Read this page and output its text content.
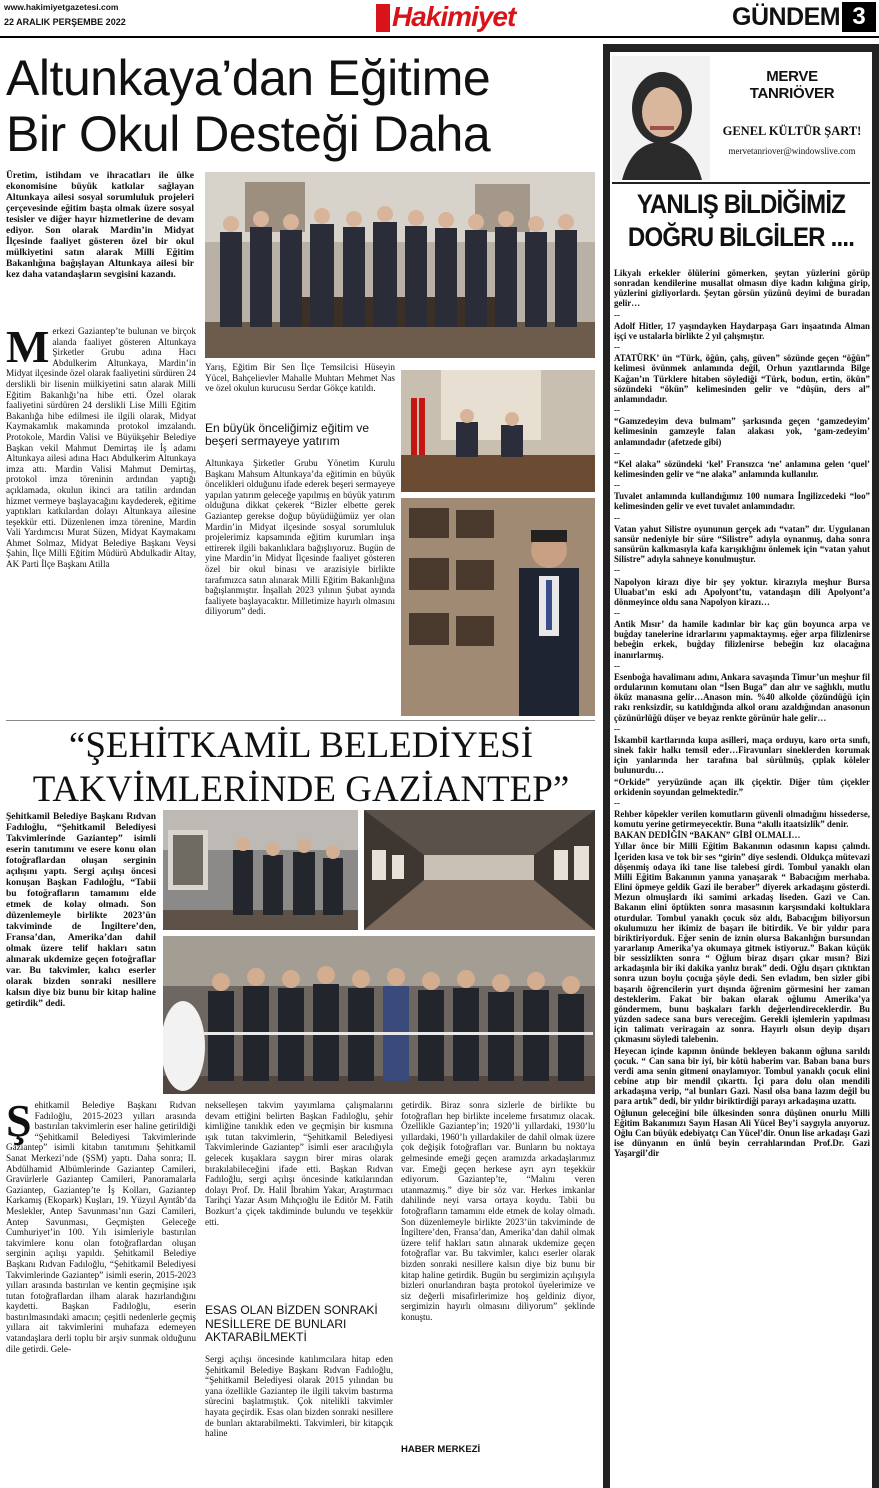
www.hakimiyetgazetesi.com
22 ARALIK PERŞEMBE 2022	Hakimiyet	GÜNDEM 3
Altunkaya’dan Eğitime
Bir Okul Desteği Daha
Üretim, istihdam ve ihracatları ile ülke ekonomisine büyük katkılar sağlayan Altunkaya ailesi sosyal sorumluluk projeleri çerçevesinde eğitim başta olmak üzere sosyal tesisler ve diğer hayır hizmetlerine de devam ediyor. Son olarak Mardin’in Midyat İlçesinde faaliyet gösteren özel bir okul mülkiyetini satın alarak Milli Eğitim Bakanlığına bağışlayan Altunkaya ailesi bir kez daha vatandaşların sevgisini kazandı.
M erkezi Gaziantep’te bulunan ve birçok alanda faaliyet gösteren Altunkaya Şirketler Grubu adına Hacı Abdulkerim Altunkaya, Mardin’in Midyat ilçesinde özel olarak faaliyetini sürdüren 24 derslikli bir lisenin mülkiyetini satın alarak Milli Eğitim Bakanlığı’na hibe etti. Özel olarak faaliyetini sürdüren 24 derslikli Lise Milli Eğitim Bakanlığa hibe edilmesi ile ilgili olarak, Midyat Kaymakamlık makamında protokol imzalandı. Protokole, Mardin Valisi ve Büyükşehir Belediye Başkan vekil Mahmut Demirtaş ile İş adamı Altunkaya ailesi adına Hacı Abdulkerim Altunkaya imza attı. Mardin Valisi Mahmut Demirtaş, protokol imza töreninin ardından yaptığı açıklamada, okulun ikinci ara tatilin ardından hizmet vermeye başlayacağını kaydederek, eğitime yaptıkları katkılardan dolayı Altunkaya ailesine teşekkür etti. Düzenlenen imza törenine, Mardin Vali Yardımcısı Murat Süzen, Midyat Kaymakamı Ahmet Solmaz, Midyat Belediye Başkanı Veysi Şahin, İlçe Milli Eğitim Müdürü Abdulkadir Altay, AK Parti İlçe Başkanı Atilla
Yarış, Eğitim Bir Sen İlçe Temsilcisi Hüseyin Yücel, Bahçelievler Mahalle Muhtarı Mehmet Nas ve özel okulun kurucusu Serdar Gökçe katıldı.
En büyük önceliğimiz eğitim ve beşeri sermayeye yatırım
Altunkaya Şirketler Grubu Yönetim Kurulu Başkanı Mahsum Altunkaya’da eğitimin en büyük öncelikleri olduğunu ifade ederek beşeri sermayeye yapılan yatırım geleceğe yapılmış en büyük yatırım olduğuna dikkat çekerek “Bizler elbette gerek Gaziantep gerekse doğup büyüdüğümüz yer olan Mardin’in Midyat ilçesinde sosyal sorumluluk projelerimiz kapsamında eğitim kurumları inşa ettirerek ilgili bakanlıklara bağışlıyoruz. Bugün de yine Mardin’in Midyat İlçesinde faaliyet gösteren özel bir okul binası ve arazisiyle birlikte tarafımızca satın alınarak Milli Eğitim Bakanlığına bağışlanmıştır. İnşallah 2023 yılının Şubat ayında faaliyete başlayacaktır. Milletimize hayırlı olmasını diliyorum” dedi.
“ŞEHİTKAMİL BELEDİYESİ
TAKVİMLERİNDE GAZİANTEP”
Şehitkamil Belediye Başkanı Rıdvan Fadıloğlu, “Şehitkamil Belediyesi Takvimlerinde Gaziantep” isimli eserin tanıtımını ve esere konu olan fotoğraflardan oluşan serginin açılışını yaptı. Sergi açılışı öncesi konuşan Başkan Fadıloğlu, “Tabii bu fotoğrafların tamamını elde etmek de kolay olmadı. Son düzenlemeyle birlikte 2023’ün takviminde de İngiltere’den, Fransa’dan, Amerika’dan dahil olmak üzere telif hakları satın alınarak ukdemize geçen fotoğraflar var. Bu takvimler, kalıcı eserler olarak bizden sonraki nesillere kalsın diye biz bunu bir kitap haline getirdik” dedi.
Ş ehitkamil Belediye Başkanı Rıdvan Fadıloğlu, 2015-2023 yılları arasında bastırılan takvimlerin eser haline getirildiği “Şehitkamil Belediyesi Takvimlerinde Gaziantep” isimli kitabın tanıtımını Şehitkamil Sanat Merkezi’nde (ŞSM) yaptı. Daha sonra; II. Abdülhamid Albümlerinde Gaziantep Camileri, Gravürlerle Gaziantep Camileri, Panoramalarla Gaziantep, Gaziantep’te İş Kolları, Gaziantep Karkamış (Ekopark) Kuşları, 19. Yüzyıl Ayntâb’da Meslekler, Antep Savunması’nın Gazi Camileri, Antep Savunması, Geçmişten Geleceğe Cumhuriyet’in 100. Yılı isimleriyle bastırılan takvimlere konu olan fotoğraflardan oluşan serginin açılışı yapıldı. Şehitkamil Belediye Başkanı Rıdvan Fadıloğlu, “Şehitkamil Belediyesi Takvimlerinde Gaziantep” isimli eserin, 2015-2023 yılları arasında bastırılan ve kentin geçmişine ışık tutan fotoğraflardan ilham alarak hazırlandığını kaydetti. Başkan Fadıloğlu, eserin bastırılmasındaki amacın; çeşitli nedenlerle geçmiş yıllara ait takvimlerini muhafaza edemeyen vatandaşlara derli toplu bir arşiv sunmak olduğunu dile getirdi. Gele-
nekselleşen takvim yayımlama çalışmalarını devam ettiğini belirten Başkan Fadıloğlu, şehir kimliğine tanıklık eden ve geçmişin bir kısmına ışık tutan takvimlerin, “Şehitkamil Belediyesi Takvimlerinde Gaziantep” isimli eser aracılığıyla gelecek kuşaklara saygın birer miras olarak bırakılabileceğini ifade etti. Başkan Rıdvan Fadıloğlu, sergi açılışı öncesinde katkılarından dolayı Prof. Dr. Halil İbrahim Yakar, Araştırmacı Tarihçi Yazar Asım Mıhçıoğlu ile Editör M. Fatih Bozkurt’a çiçek takdiminde bulundu ve teşekkür etti.
ESAS OLAN BİZDEN SONRAKİ NESİLLERE DE BUNLARI AKTARABİLMEKTİ
Sergi açılışı öncesinde katılımcılara hitap eden Şehitkamil Belediye Başkanı Rıdvan Fadıloğlu, “Şehitkamil Belediyesi olarak 2015 yılından bu yana özellikle Gaziantep ile ilgili takvim bastırma sürecini başlatmıştık. Çok nitelikli takvimler hayata geçirdik. Esas olan bizden sonraki nesillere de bunları aktarabilmekti. Takvimleri, bir kitapçık haline
getirdik. Biraz sonra sizlerle de birlikte bu fotoğrafları hep birlikte inceleme fırsatımız olacak. Özellikle Gaziantep’in; 1920’li yıllardaki, 1930’lu yıllardaki, 1960’lı yıllardakiler de dahil olmak üzere çok değişik fotoğrafları var. Bunların bu noktaya gelmesinde emeği geçen aramızda arkadaşlarımız var. Emeği geçen herkese ayrı ayrı teşekkür ediyorum. Gaziantep’te, “Malını veren utanmazmış.” diye bir söz var. Herkes imkanlar dahilinde neyi varsa ortaya koydu. Tabii bu fotoğrafların tamamını elde etmek de kolay olmadı. Son düzenlemeyle birlikte 2023’ün takviminde de İngiltere’den, Fransa’dan, Amerika’dan dahil olmak üzere telif hakları satın alınarak ukdemize geçen fotoğraflar var. Bu takvimler, kalıcı eserler olarak bizden sonraki nesillere kalsın diye biz bunu bir kitap haline getirdik. Bugün bu sergimizin açılışıyla bizleri onurlandıran başta protokol üyelerimize ve siz değerli misafirlerimize hoş geldiniz diyor, sergimizin hayırlı olmasını diliyorum” şeklinde konuştu.
HABER MERKEZİ
MERVE
TANRIÖVER
GENEL KÜLTÜR ŞART!
mervetanriover@windowslive.com
YANLIŞ BİLDİĞİMİZ
DOĞRU BİLGİLER ....

Likyalı erkekler ölülerini gömerken, şeytan yüzlerini görüp sonradan kendilerine musallat olmasın diye kadın kılığına girip, yüzlerini gizliyorlardı. Şeytan görsün yüzünü deyimi de buradan gelir…

--

Adolf Hitler, 17 yaşındayken Haydarpaşa Garı inşaatında Alman işçi ve ustalarla birlikte 2 yıl çalışmıştır.

--

ATATÜRK’ ün “Türk, öğün, çalış, güven” sözünde geçen “öğün” kelimesi övünmek anlamında değil, Orhun yazıtlarında Bilge Kağan’ın Türklere hitaben söylediği “Türk, bodun, ertin, ökün” sözündeki “ökün” kelimesinden gelir ve “düşün, ders al” anlamındadır.

--

“Gamzedeyim deva bulmam” şarkısında geçen ‘gamzedeyim’ kelimesinin gamzeyle falan alakası yok, ‘gam-zedeyim’ anlamındadır (afetzede gibi)

--

“Kel alaka” sözündeki ‘kel’ Fransızca ‘ne’ anlamına gelen ‘quel’ kelimesinden gelir ve “ne alaka” anlamında kullanılır.

--

Tuvalet anlamında kullandığımız 100 numara İngilizcedeki “loo” kelimesinden gelir ve evet tuvalet anlamındadır.

--

Vatan yahut Silistre oyununun gerçek adı “vatan” dır. Uygulanan sansür nedeniyle bir süre “Silistre” adıyla oynanmış, daha sonra sansürün kalkmasıyla kafa karışıklığını önlemek için “vatan yahut Silistre” adıyla sahneye konulmuştur.

--

Napolyon kirazı diye bir şey yoktur. kirazıyla meşhur Bursa Uluabat’ın eski adı Apolyont’tu, vatandaşın dili Apolyont’a dönmeyince oldu sana Napolyon kirazı…

--

Antik Mısır’ da hamile kadınlar bir kaç gün boyunca arpa ve buğday tanelerine idrarlarını yapmaktaymış. eğer arpa filizlenirse bebeğin erkek, buğday filizlenirse bebeğin kız olacağına inanırlarmış.

--

Esenboğa havalimanı adını, Ankara savaşında Timur’un meşhur fil ordularının komutanı olan “İsen Buga” dan alır ve sağlıklı, mutlu öküz manasına gelir…Anason min. %40 alkolde çözündüğü için rakı renksizdir, su katıldığında alkol oranı azaldığından anasonun çözünürlüğü düşer ve beyaz renkte görünür hale gelir…

--

İskambil kartlarında kupa asilleri, maça orduyu, karo orta sınıfı, sinek fakir halkı temsil eder…Firavunları sineklerden korumak için yanlarında her tarafına bal sürülmüş, çıplak köleler bulunurdu…

“Orkide” yeryüzünde açan ilk çiçektir. Diğer tüm çiçekler orkidenin soyundan gelmektedir.”

--

Rehber köpekler verilen komutların güvenli olmadığını hissederse, komutu yerine getirmeyecektir. Buna “akıllı itaatsizlik” denir.

BAKAN DEDİĞİN “BAKAN” GİBİ OLMALI…

Yıllar önce bir Milli Eğitim Bakanının odasının kapısı çalındı. İçeriden kısa ve tok bir ses “girin” diye seslendi. Oldukça mütevazi döşenmiş odaya iki tane lise talebesi girdi. Tombul yanaklı olan Milli Eğitim Bakanının yanına yanaşarak “ Babacığım merhaba. Elini öpmeye geldik Gazi ile beraber” diyerek arkadaşını gösterdi. Mezun olmuşlardı iki samimi arkadaş liseden. Gazi ve Can. Bakanın elini öptükten sonra masasının karşısındaki koltuklara oturdular. Tombul yanaklı çocuk söz aldı, Babacığım biliyorsun okulumuzu her ikimiz de başarı ile bitirdik. Ve bir yıldır para biriktiriyorduk. Eğer senin de iznin olursa Bakanlığın bursundan yararlanıp Amerika’ya okumaya gitmek istiyoruz.” Bakan küçük bir sessizlikten sonra “ Oğlum biraz dışarı çıkar mısın? Bizi arkadaşınla bir iki dakika yanlız bırak” dedi. Oğlu dışarı çıktıktan sonra uzun boylu çocuğa şöyle dedi. Sen evladım, ben sizler gibi başarılı öğrencilerin yurt dışında öğrenim görmesini her zaman desteklerim. Fakat bir bakan olarak oğlumu Amerika’ya göndermem, bunu başkaları farklı değerlendireceklerdir. Bu yüzden sadece sana burs vereceğim. Gerekli işlemlerin yapılması için talimatı veriragain az sonra. Hayırlı olsun deyip dışarı çıkmasını söyledi talebenin.

Heyecan içinde kapının önünde bekleyen bakanın oğluna sarıldı çocuk. “ Can sana bir iyi, bir kötü haberim var. Baban bana burs verdi ama senin gitmeni onaylamıyor. Tombul yanaklı çocuk elini cebine atıp bir mendil çıkarttı. İçi para dolu olan mendili arkadaşına verip, “al bunları Gazi. Nasıl olsa bana lazım değil bu para artık” dedi, bir yıldır biriktirdiği parayı arkadaşına uzattı.

Oğlunun geleceğini bile ülkesinden sonra düşünen onurlu Milli Eğitim Bakanımızı Sayın Hasan Ali Yücel Bey’i saygıyla anıyoruz. Oğlu Can büyük edebiyatçı Can Yücel’dir. Onun lise arkadaşı Gazi ise dünyanın en ünlü beyin cerrahlarından Prof.Dr. Gazi Yaşargil’dir
